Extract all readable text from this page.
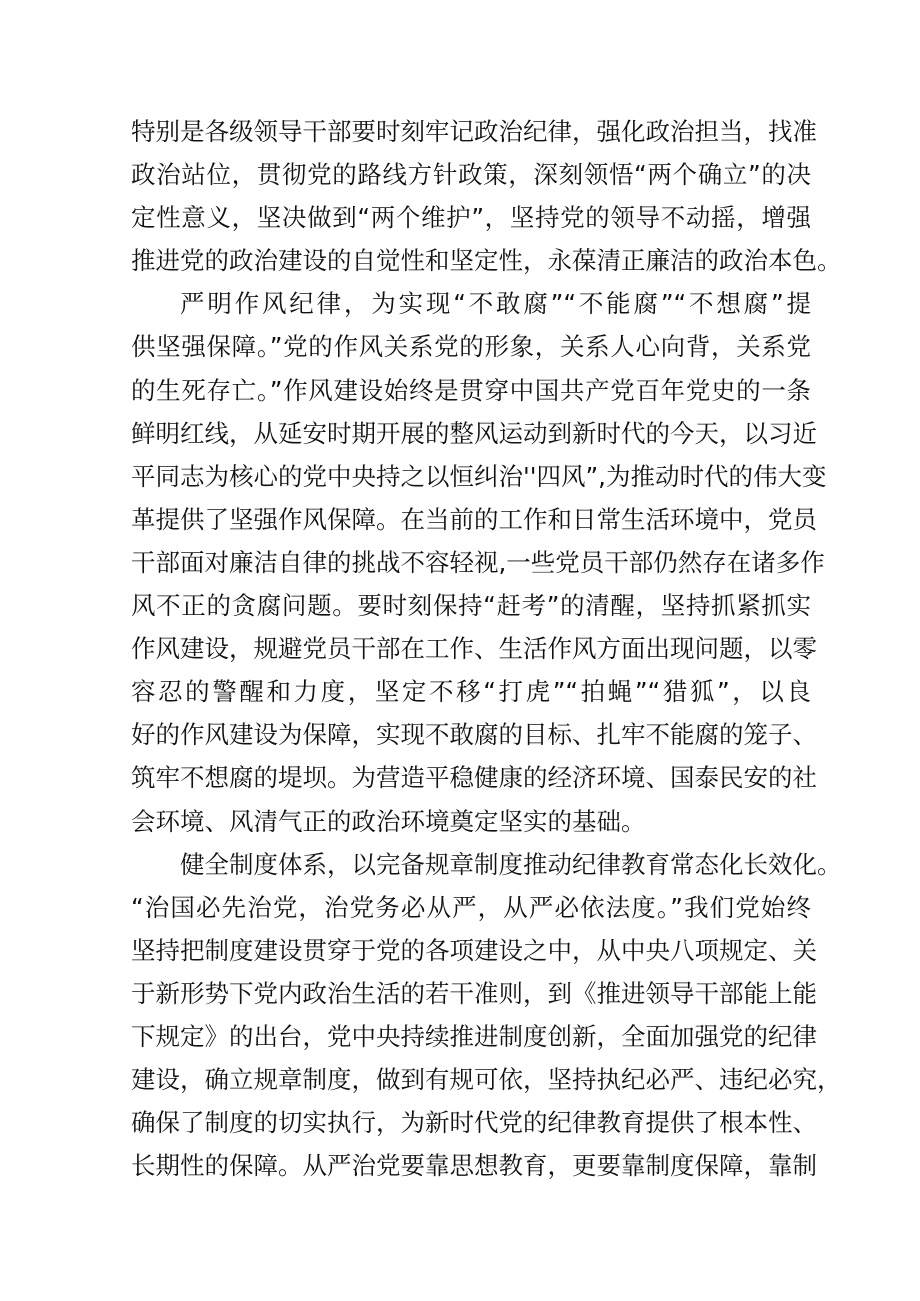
特别是各级领导干部要时刻牢记政治纪律，强化政治担当，找准
政治站位，贯彻党的路线方针政策，深刻领悟“两个确立”的决
定性意义，坚决做到“两个维护”，坚持党的领导不动摇，增强
推进党的政治建设的自觉性和坚定性，永葆清正廉洁的政治本色。
严明作风纪律，为实现“不敢腐”“不能腐”“不想腐”提
供坚强保障。”党的作风关系党的形象，关系人心向背，关系党
的生死存亡。”作风建设始终是贯穿中国共产党百年党史的一条
鲜明红线，从延安时期开展的整风运动到新时代的今天，以习近
平同志为核心的党中央持之以恒纠治''四风”,为推动时代的伟大变
革提供了坚强作风保障。在当前的工作和日常生活环境中，党员
干部面对廉洁自律的挑战不容轻视,一些党员干部仍然存在诸多作
风不正的贪腐问题。要时刻保持“赶考”的清醒，坚持抓紧抓实
作风建设，规避党员干部在工作、生活作风方面出现问题，以零
容忍的警醒和力度，坚定不移“打虎”“拍蝇”“猎狐”，以良
好的作风建设为保障，实现不敢腐的目标、扎牢不能腐的笼子、
筑牢不想腐的堤坝。为营造平稳健康的经济环境、国泰民安的社
会环境、风清气正的政治环境奠定坚实的基础。
健全制度体系，以完备规章制度推动纪律教育常态化长效化。
“治国必先治党，治党务必从严，从严必依法度。”我们党始终
坚持把制度建设贯穿于党的各项建设之中，从中央八项规定、关
于新形势下党内政治生活的若干准则，到《推进领导干部能上能
下规定》的出台，党中央持续推进制度创新，全面加强党的纪律
建设，确立规章制度，做到有规可依，坚持执纪必严、违纪必究，
确保了制度的切实执行，为新时代党的纪律教育提供了根本性、
长期性的保障。从严治党要靠思想教育，更要靠制度保障，靠制
